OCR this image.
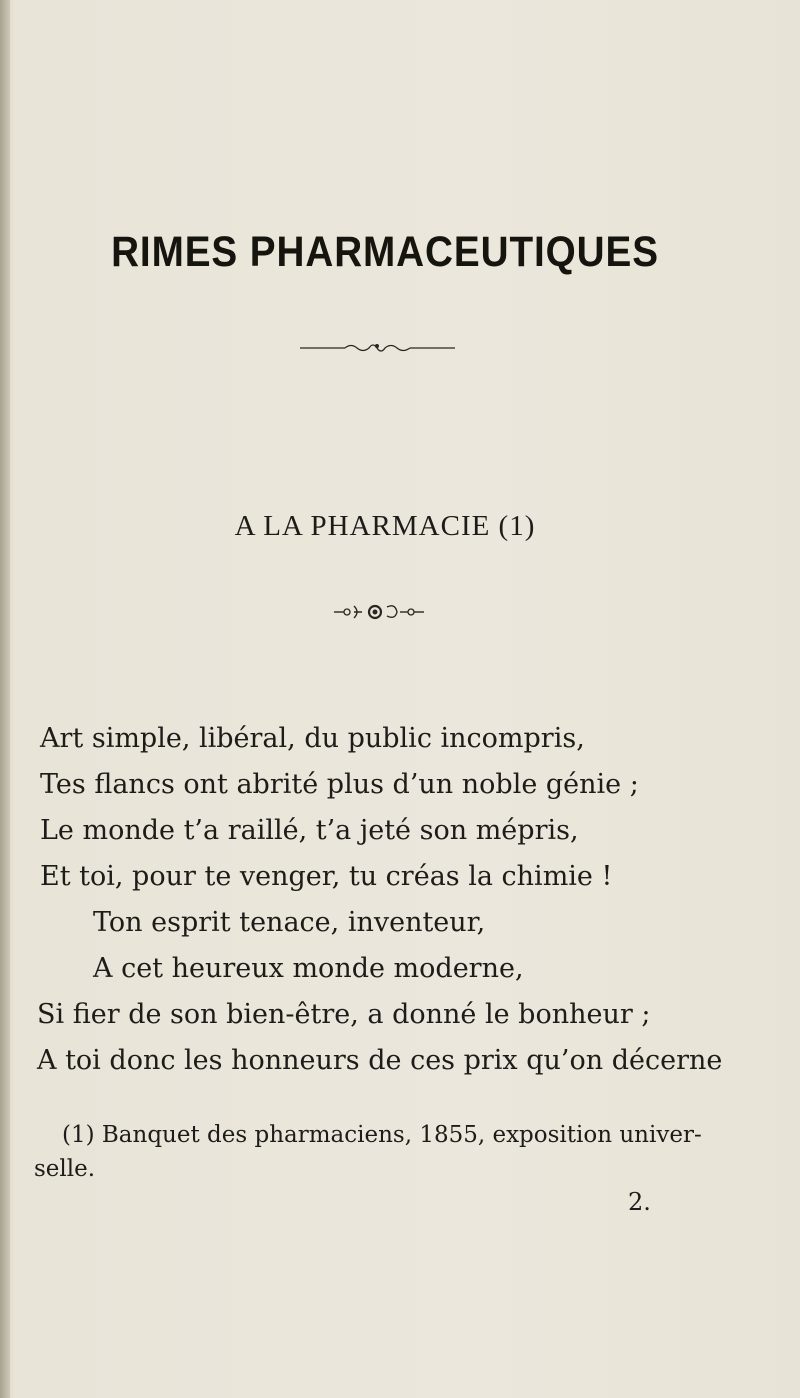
RIMES PHARMACEUTIQUES
A LA PHARMACIE (1)
Art simple, libéral, du public incompris,
Tes flancs ont abrité plus d’un noble génie ;
Le monde t’a raillé, t’a jeté son mépris,
Et toi, pour te venger, tu créas la chimie !
Ton esprit tenace, inventeur,
A cet heureux monde moderne,
Si fier de son bien-être, a donné le bonheur ;
A toi donc les honneurs de ces prix qu’on décerne
(1) Banquet des pharmaciens, 1855, exposition univer-
selle.
2.
